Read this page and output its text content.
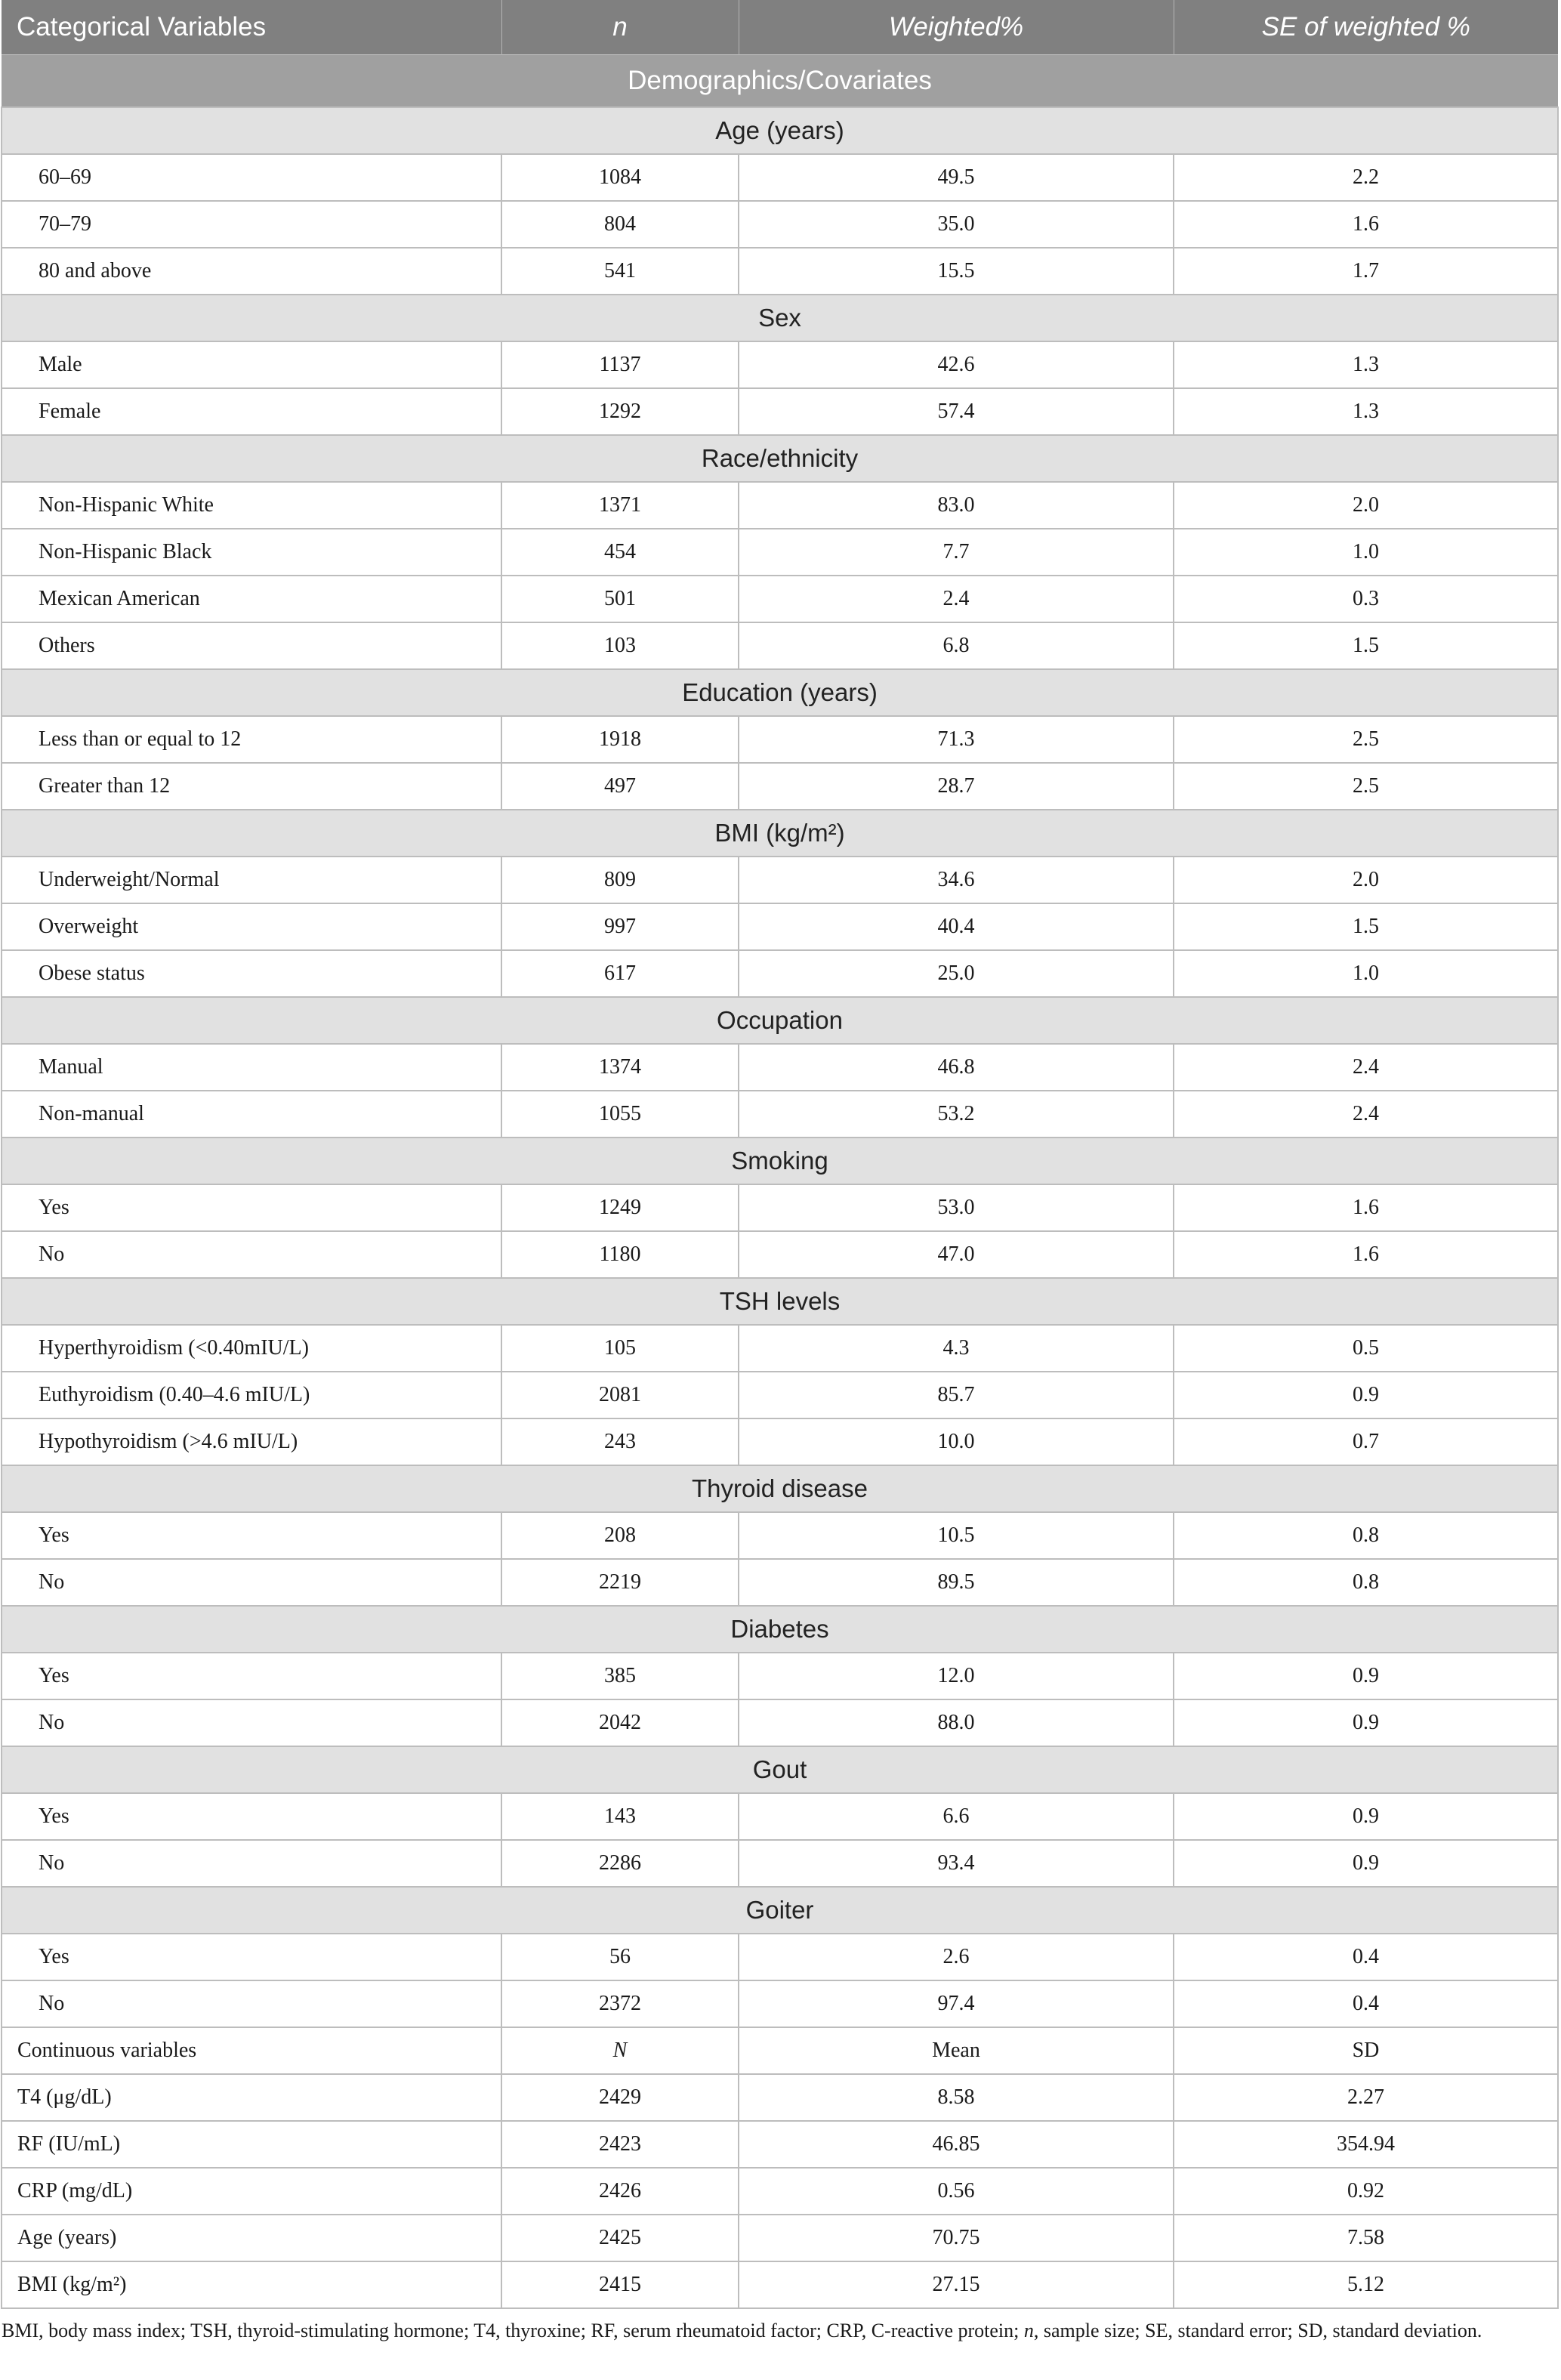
Categorical Variables	n	Weighted%	SE of weighted %
Demographics/Covariates			
Age (years)			
60–69	1084	49.5	2.2
70–79	804	35.0	1.6
80 and above	541	15.5	1.7
Sex			
Male	1137	42.6	1.3
Female	1292	57.4	1.3
Race/ethnicity			
Non-Hispanic White	1371	83.0	2.0
Non-Hispanic Black	454	7.7	1.0
Mexican American	501	2.4	0.3
Others	103	6.8	1.5
Education (years)			
Less than or equal to 12	1918	71.3	2.5
Greater than 12	497	28.7	2.5
BMI (kg/m²)			
Underweight/Normal	809	34.6	2.0
Overweight	997	40.4	1.5
Obese status	617	25.0	1.0
Occupation			
Manual	1374	46.8	2.4
Non-manual	1055	53.2	2.4
Smoking			
Yes	1249	53.0	1.6
No	1180	47.0	1.6
TSH levels			
Hyperthyroidism (<0.40mIU/L)	105	4.3	0.5
Euthyroidism (0.40–4.6 mIU/L)	2081	85.7	0.9
Hypothyroidism (>4.6 mIU/L)	243	10.0	0.7
Thyroid disease			
Yes	208	10.5	0.8
No	2219	89.5	0.8
Diabetes			
Yes	385	12.0	0.9
No	2042	88.0	0.9
Gout			
Yes	143	6.6	0.9
No	2286	93.4	0.9
Goiter			
Yes	56	2.6	0.4
No	2372	97.4	0.4
Continuous variables	N	Mean	SD
T4 (μg/dL)	2429	8.58	2.27
RF (IU/mL)	2423	46.85	354.94
CRP (mg/dL)	2426	0.56	0.92
Age (years)	2425	70.75	7.58
BMI (kg/m²)	2415	27.15	5.12
BMI, body mass index; TSH, thyroid-stimulating hormone; T4, thyroxine; RF, serum rheumatoid factor; CRP, C-reactive protein; n, sample size; SE, standard error; SD, standard deviation.
